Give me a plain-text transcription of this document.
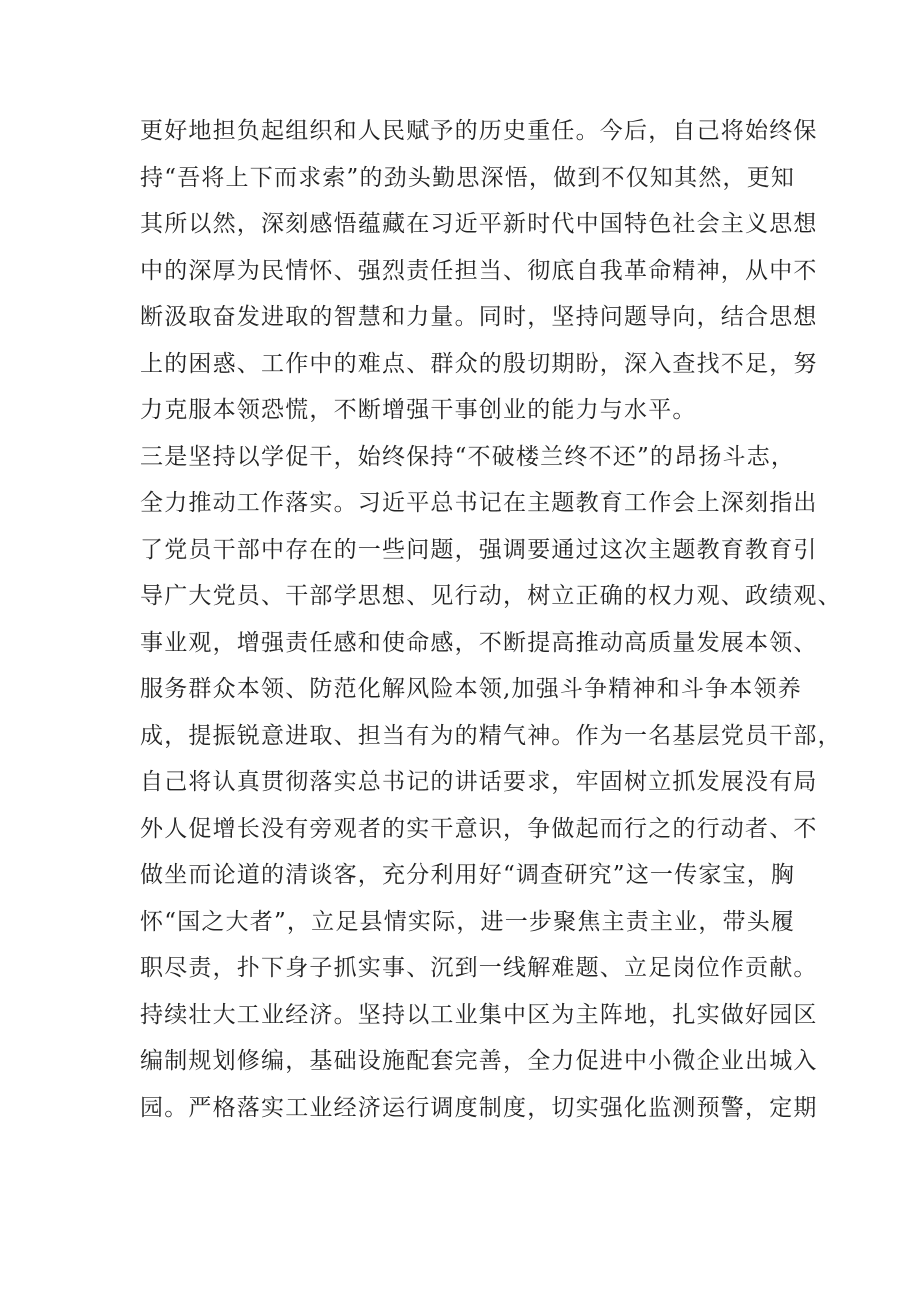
更好地担负起组织和人民赋予的历史重任。今后，自己将始终保
持“吾将上下而求索”的劲头勤思深悟，做到不仅知其然，更知
其所以然，深刻感悟蕴藏在习近平新时代中国特色社会主义思想
中的深厚为民情怀、强烈责任担当、彻底自我革命精神，从中不
断汲取奋发进取的智慧和力量。同时，坚持问题导向，结合思想
上的困惑、工作中的难点、群众的殷切期盼，深入查找不足，努
力克服本领恐慌，不断增强干事创业的能力与水平。
三是坚持以学促干，始终保持“不破楼兰终不还”的昂扬斗志，
全力推动工作落实。习近平总书记在主题教育工作会上深刻指出
了党员干部中存在的一些问题，强调要通过这次主题教育教育引
导广大党员、干部学思想、见行动，树立正确的权力观、政绩观、
事业观，增强责任感和使命感，不断提高推动高质量发展本领、
服务群众本领、防范化解风险本领,加强斗争精神和斗争本领养
成，提振锐意进取、担当有为的精气神。作为一名基层党员干部，
自己将认真贯彻落实总书记的讲话要求，牢固树立抓发展没有局
外人促增长没有旁观者的实干意识，争做起而行之的行动者、不
做坐而论道的清谈客，充分利用好“调查研究”这一传家宝，胸
怀“国之大者”，立足县情实际，进一步聚焦主责主业，带头履
职尽责，扑下身子抓实事、沉到一线解难题、立足岗位作贡献。
持续壮大工业经济。坚持以工业集中区为主阵地，扎实做好园区
编制规划修编，基础设施配套完善，全力促进中小微企业出城入
园。严格落实工业经济运行调度制度，切实强化监测预警，定期
